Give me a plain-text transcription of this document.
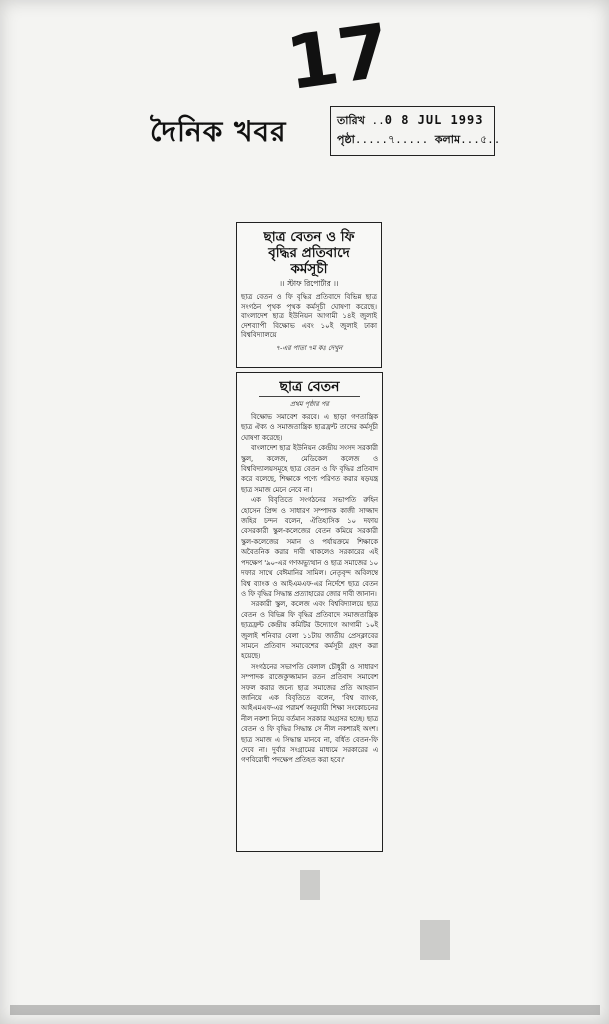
17
দৈনিক খবর	তারিখ ..0 8 JUL 1993
পৃষ্ঠা.....৭..... কলাম...৫..
ছাত্র বেতন ও ফি বৃদ্ধির প্রতিবাদে কর্মসূচী
।। স্টাফ রিপোর্টার ।।
ছাত্র বেতন ও ফি বৃদ্ধির প্রতিবাদে বিভিন্ন ছাত্র সংগঠন পৃথক পৃথক কর্মসূচী ঘোষণা করেছে। বাংলাদেশ ছাত্র ইউনিয়ন আগামী ১৪ই জুলাই দেশব্যাপী বিক্ষোভ এবং ১০ই জুলাই ঢাকা বিশ্ববিদ্যালয়ে
৭-এর পাতা ৭ম কঃ দেখুন
ছাত্র বেতন
প্রথম পৃষ্ঠার পর

বিক্ষোভ সমাবেশ করবে। এ ছাড়া গণতান্ত্রিক ছাত্র ঐক্য ও সমাজতান্ত্রিক ছাত্রফ্রন্ট তাদের কর্মসূচী ঘোষণা করেছে।

বাংলাদেশ ছাত্র ইউনিয়ন কেন্দ্রীয় সংসদ সরকারী স্কুল, কলেজ, মেডিকেল কলেজ ও বিশ্ববিদ্যালয়সমূহে ছাত্র বেতন ও ফি বৃদ্ধির প্রতিবাদ করে বলেছে, শিক্ষাকে পণ্যে পরিণত করার ষড়যন্ত্র ছাত্র সমাজ মেনে নেবে না।

এক বিবৃতিতে সংগঠনের সভাপতি রুহিন হোসেন প্রিন্স ও সাধারণ সম্পাদক কাজী সাজ্জাদ জহির চন্দন বলেন, ঐতিহাসিক ১০ দফায় বেসরকারী স্কুল-কলেজের বেতন কমিয়ে সরকারী স্কুল-কলেজের সমান ও পর্যায়ক্রমে শিক্ষাকে অবৈতনিক করার দাবী থাকলেও সরকারের এই পদক্ষেপ '৯০-এর গণঅভ্যুত্থান ও ছাত্র সমাজের ১০ দফার সাথে বেঈমানির সামিল। নেতৃবৃন্দ অবিলম্বে বিশ্ব ব্যাংক ও আইএমএফ-এর নির্দেশে ছাত্র বেতন ও ফি বৃদ্ধির সিদ্ধান্ত প্রত্যাহারের জোর দাবী জানান।

সরকারী স্কুল, কলেজ এবং বিশ্ববিদ্যালয়ে ছাত্র বেতন ও বিভিন্ন ফি বৃদ্ধির প্রতিবাদে সমাজতান্ত্রিক ছাত্রফ্রন্ট কেন্দ্রীয় কমিটির উদ্যোগে আগামী ১০ই জুলাই শনিবার বেলা ১১টায় জাতীয় প্রেসক্লাবের সামনে প্রতিবাদ সমাবেশের কর্মসূচী গ্রহণ করা হয়েছে।

সংগঠনের সভাপতি বেলাল চৌধুরী ও সাধারণ সম্পাদক রাজেকুজ্জামান রতন প্রতিবাদ সমাবেশ সফল করার জন্যে ছাত্র সমাজের প্রতি আহবান জানিয়ে এক বিবৃতিতে বলেন, 'বিশ্ব ব্যাংক, আইএমএফ-এর পরামর্শ অনুযায়ী শিক্ষা সংকোচনের নীল নকশা নিয়ে বর্তমান সরকার অগ্রসর হচ্ছে। ছাত্র বেতন ও ফি বৃদ্ধির সিদ্ধান্ত সে নীল নকশারই অংশ। ছাত্র সমাজ এ সিদ্ধান্ত মানবে না, বর্ধিত বেতন-ফি দেবে না। দুর্বার সংগ্রামের মাধ্যমে সরকারের এ গণবিরোধী পদক্ষেপ প্রতিহত করা হবে।'
